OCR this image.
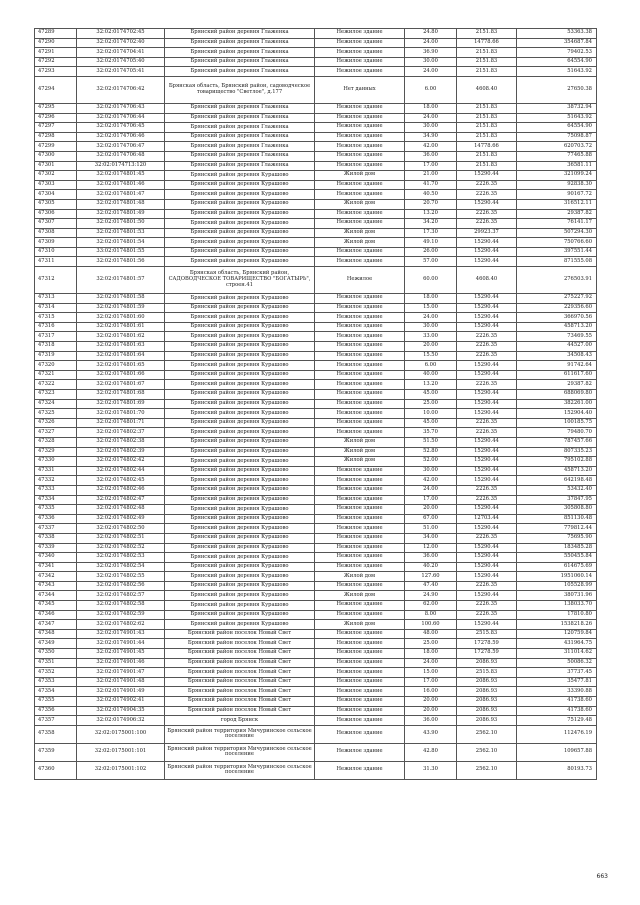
47289	32:02:0174702:45	Брянский район деревня Глаженка	Нежилое здание	24.80	2151.83	53363.38
47290	32:02:0174702:40	Брянский район деревня Глаженка	Нежилое здание	24.00	14778.66	354687.84
47291	32:02:0174704:41	Брянский район деревня Глаженка	Нежилое здание	36.90	2151.83	79402.53
47292	32:02:0174705:40	Брянский район деревня Глаженка	Нежилое здание	30.00	2151.83	64554.90
47293	32:02:0174705:41	Брянский район деревня Глаженка	Нежилое здание	24.00	2151.83	51643.92
47294	32:02:0174706:42	Брянская область, Брянский район, садоводческое товарищество "Светлое", д.177	Нет данных	6.00	4608.40	27650.38
47295	32:02:0174706:43	Брянский район деревня Глаженка	Нежилое здание	18.00	2151.83	38732.94
47296	32:02:0174706:44	Брянский район деревня Глаженка	Нежилое здание	24.00	2151.83	51643.92
47297	32:02:0174706:45	Брянский район деревня Глаженка	Нежилое здание	30.00	2151.83	64554.90
47298	32:02:0174706:46	Брянский район деревня Глаженка	Нежилое здание	34.90	2151.83	75098.87
47299	32:02:0174706:47	Брянский район деревня Глаженка	Нежилое здание	42.00	14778.66	620703.72
47300	32:02:0174706:48	Брянский район деревня Глаженка	Нежилое здание	36.00	2151.83	77465.88
47301	32:02:0174713:120	Брянский район деревня Глаженка	Нежилое здание	17.00	2151.83	36581.11
47302	32:02:0174801:45	Брянский район деревня Курашово	Жилой дом	21.00	15290.44	321099.24
47303	32:02:0174801:46	Брянский район деревня Курашово	Нежилое здание	41.70	2226.35	92838.30
47304	32:02:0174801:47	Брянский район деревня Курашово	Нежилое здание	40.50	2226.35	90167.72
47305	32:02:0174801:48	Брянский район деревня Курашово	Жилой дом	20.70	15290.44	316512.11
47306	32:02:0174801:49	Брянский район деревня Курашово	Нежилое здание	13.20	2226.35	29387.82
47307	32:02:0174801:50	Брянский район деревня Курашово	Нежилое здание	34.20	2226.35	76141.17
47308	32:02:0174801:53	Брянский район деревня Курашово	Жилой дом	17.30	29923.37	507294.30
47309	32:02:0174801:54	Брянский район деревня Курашово	Жилой дом	49.10	15290.44	750766.60
47310	33:02:0174801:55	Брянский район деревня Курашово	Нежилое здание	26.00	15290.44	397551.44
47311	32:02:0174801:56	Брянский район деревня Курашово	Нежилое здание	57.00	15290.44	871555.08
47312	32:02:0174801:57	Брянская область, Брянский район, САДОВОДЧЕСКОЕ ТОВАРИЩЕСТВО "БОГАТЫРЬ", строен.41	Нежилое	60.00	4608.40	276503.91
47313	32:02:0174801:58	Брянский район деревня Курашово	Нежилое здание	18.00	15290.44	275227.92
47314	32:02:0174801:59	Брянский район деревня Курашово	Нежилое здание	15.00	15290.44	229356.60
47315	32:02:0174801:60	Брянский район деревня Курашово	Нежилое здание	24.00	15290.44	366970.56
47316	32:02:0174801:61	Брянский район деревня Курашово	Нежилое здание	30.00	15290.44	458713.20
47317	32:02:0174801:62	Брянский район деревня Курашово	Нежилое здание	33.00	2226.35	73469.55
47318	32:02:0174801:63	Брянский район деревня Курашово	Нежилое здание	20.00	2226.35	44527.00
47319	32:02:0174801:64	Брянский район деревня Курашово	Нежилое здание	15.50	2226.35	34508.43
47320	32:02:0174801:65	Брянский район деревня Курашово	Нежилое здание	6.00	15290.44	91742.64
47321	32:02:0174801:66	Брянский район деревня Курашово	Нежилое здание	40.00	15290.44	611617.60
47322	32:02:0174801:67	Брянский район деревня Курашово	Нежилое здание	13.20	2226.35	29387.82
47323	32:02:0174801:68	Брянский район деревня Курашово	Нежилое здание	45.00	15290.44	688069.80
47324	32:02:0174801:69	Брянский район деревня Курашово	Нежилое здание	25.00	15290.44	382261.00
47325	32:02:0174801:70	Брянский район деревня Курашово	Нежилое здание	10.00	15290.44	152904.40
47326	32:02:0174801:71	Брянский район деревня Курашово	Нежилое здание	45.00	2226.35	100185.75
47327	32:02:0174802:37	Брянский район деревня Курашово	Нежилое здание	35.70	2226.35	79480.70
47328	32:02:0174802:38	Брянский район деревня Курашово	Жилой дом	51.50	15290.44	787457.66
47329	32:02:0174802:39	Брянский район деревня Курашово	Жилой дом	52.80	15290.44	807335.23
47330	32:02:0174802:42	Брянский район деревня Курашово	Жилой дом	52.00	15290.44	795102.88
47331	32:02:0174802:44	Брянский район деревня Курашово	Нежилое здание	30.00	15290.44	458713.20
47332	32:02:0174802:45	Брянский район деревня Курашово	Нежилое здание	42.00	15290.44	642198.48
47333	32:02:0174802:46	Брянский район деревня Курашово	Нежилое здание	24.00	2226.35	53432.40
47334	32:02:0174802:47	Брянский район деревня Курашово	Нежилое здание	17.00	2226.35	37847.95
47335	32:02:0174802:48	Брянский район деревня Курашово	Нежилое здание	20.00	15290.44	305808.80
47336	32:02:0174802:49	Брянский район деревня Курашово	Нежилое здание	67.00	12703.44	851130.48
47337	32:02:0174802:50	Брянский район деревня Курашово	Нежилое здание	51.00	15290.44	779812.44
47338	32:02:0174802:51	Брянский район деревня Курашово	Нежилое здание	34.00	2226.35	75695.90
47339	32:02:0174802:52	Брянский район деревня Курашово	Нежилое здание	12.00	15290.44	183485.28
47340	32:02:0174802:53	Брянский район деревня Курашово	Нежилое здание	36.00	15290.44	550455.84
47341	32:02:0174802:54	Брянский район деревня Курашово	Нежилое здание	40.20	15290.44	614675.69
47342	32:02:0174802:55	Брянский район деревня Курашово	Жилой дом	127.60	15290.44	1951060.14
47343	32:02:0174802:56	Брянский район деревня Курашово	Нежилое здание	47.40	2226.35	105528.99
47344	32:02:0174802:57	Брянский район деревня Курашово	Жилой дом	24.90	15290.44	380731.96
47345	32:02:0174802:58	Брянский район деревня Курашово	Нежилое здание	62.00	2226.35	138033.70
47346	32:02:0174802:59	Брянский район деревня Курашово	Нежилое здание	8.00	2226.35	17810.80
47347	32:02:0174802:62	Брянский район деревня Курашово	Жилой дом	100.60	15290.44	1538218.26
47348	32:02:0174901:43	Брянский район поселок Новый Свет	Нежилое здание	48.00	2515.83	120759.84
47349	32:02:0174901:44	Брянский район поселок Новый Свет	Нежилое здание	25.00	17278.59	431964.75
47350	32:02:0174901:45	Брянский район поселок Новый Свет	Нежилое здание	18.00	17278.59	311014.62
47351	32:02:0174901:46	Брянский район поселок Новый Свет	Нежилое здание	24.00	2086.93	50086.32
47352	32:02:0174901:47	Брянский район поселок Новый Свет	Нежилое здание	15.00	2515.83	37737.45
47353	32:02:0174901:48	Брянский район поселок Новый Свет	Нежилое здание	17.00	2086.93	35477.81
47354	32:02:0174901:49	Брянский район поселок Новый Свет	Нежилое здание	16.00	2086.93	33390.88
47355	32:02:0174902:41	Брянский район поселок Новый Свет	Нежилое здание	20.00	2086.93	41738.60
47356	32:02:0174904:35	Брянский район поселок Новый Свет	Нежилое здание	20.00	2086.93	41738.60
47357	32:02:0174906:32	город Брянск	Нежилое здание	36.00	2086.93	75129.48
47358	32:02:0175001:100	Брянский район территория Мичуринское сельское поселение	Нежилое здание	43.90	2562.10	112476.19
47359	32:02:0175001:101	Брянский район территория Мичуринское сельское поселение	Нежилое здание	42.80	2562.10	109657.88
47360	32:02:0175001:102	Брянский район территория Мичуринское сельское поселение	Нежилое здание	31.30	2562.10	80193.73
663
